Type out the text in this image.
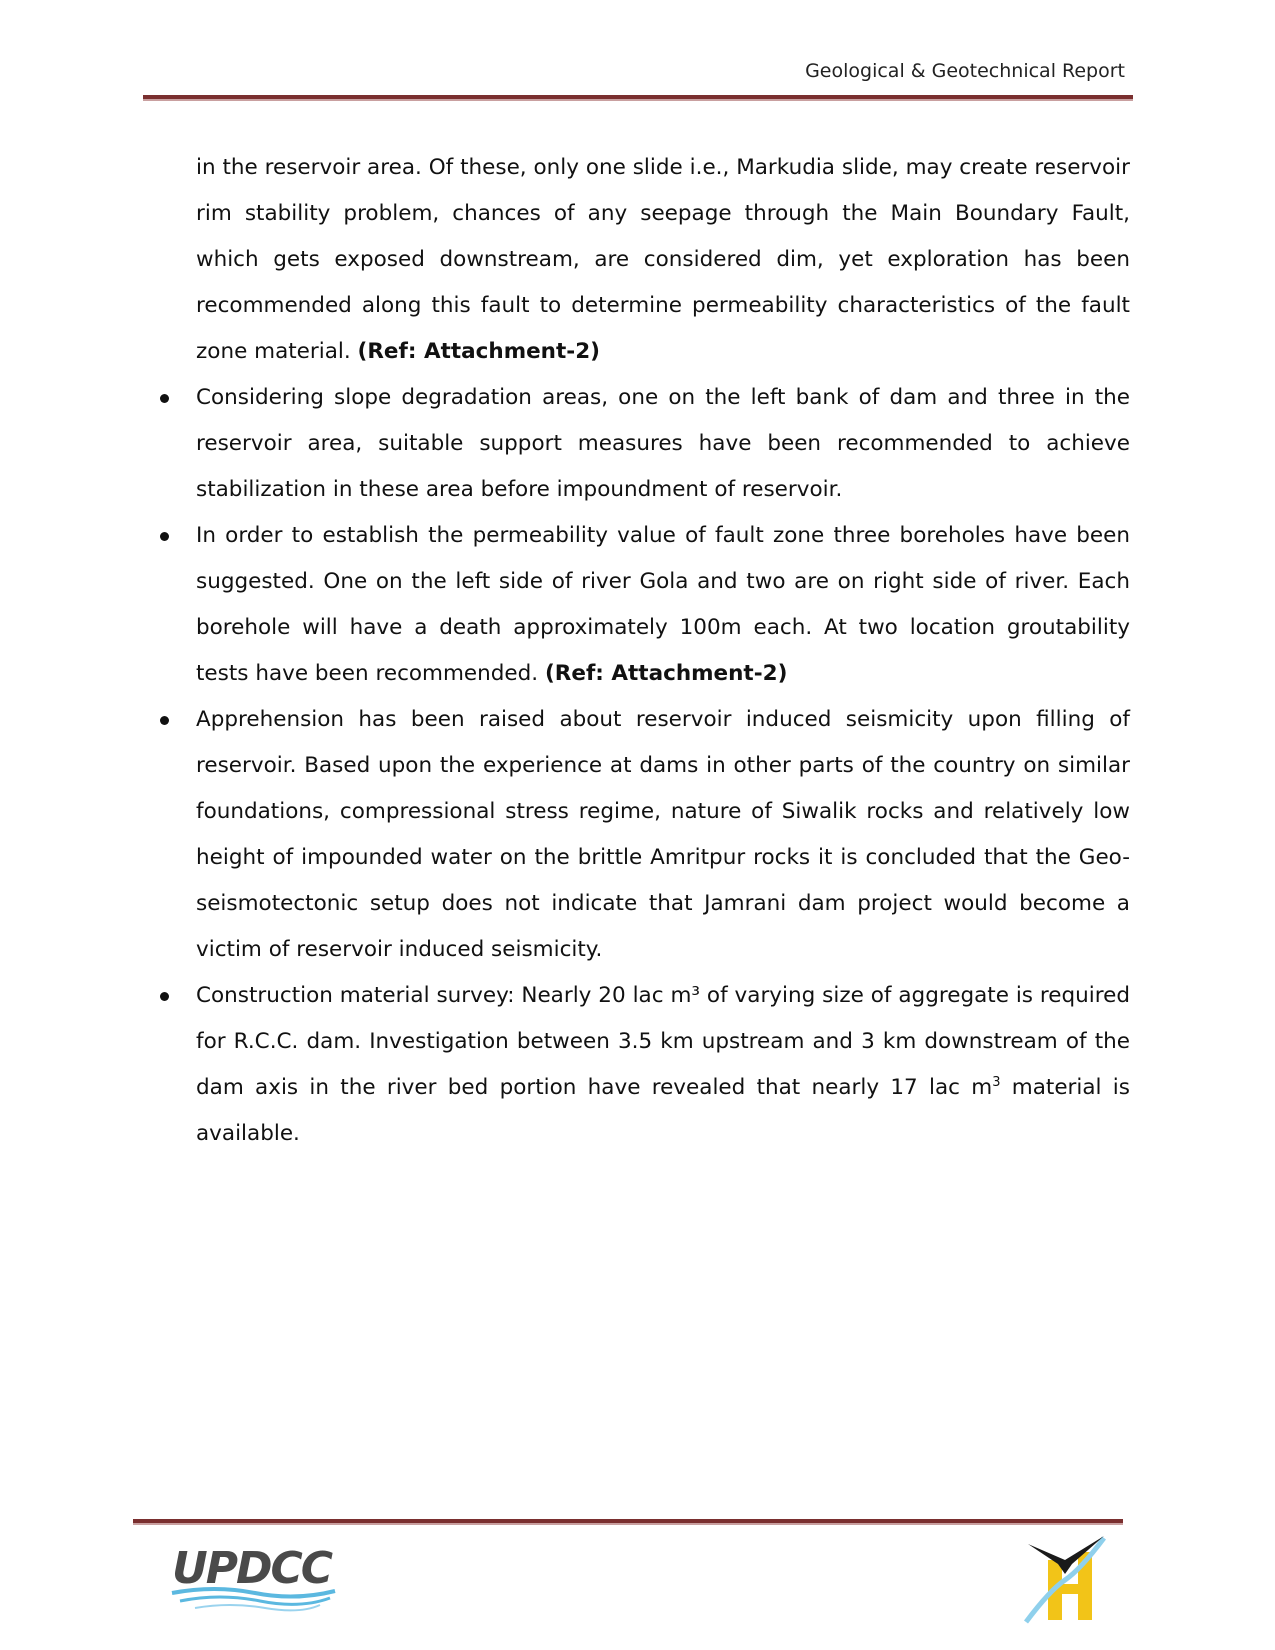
Geological & Geotechnical Report

in the reservoir area. Of these, only one slide i.e., Markudia slide, may create reservoir rim stability problem, chances of any seepage through the Main Boundary Fault, which gets exposed downstream, are considered dim, yet exploration has been recommended along this fault to determine permeability characteristics of the fault zone material. (Ref: Attachment-2)

Considering slope degradation areas, one on the left bank of dam and three in the reservoir area, suitable support measures have been recommended to achieve stabilization in these area before impoundment of reservoir.
In order to establish the permeability value of fault zone three boreholes have been suggested. One on the left side of river Gola and two are on right side of river. Each borehole will have a death approximately 100m each. At two location groutability tests have been recommended. (Ref: Attachment-2)
Apprehension has been raised about reservoir induced seismicity upon filling of reservoir. Based upon the experience at dams in other parts of the country on similar foundations, compressional stress regime, nature of Siwalik rocks and relatively low height of impounded water on the brittle Amritpur rocks it is concluded that the Geo-seismotectonic setup does not indicate that Jamrani dam project would become a victim of reservoir induced seismicity.
Construction material survey: Nearly 20 lac m³ of varying size of aggregate is required for R.C.C. dam. Investigation between 3.5 km upstream and 3 km downstream of the dam axis in the river bed portion have revealed that nearly 17 lac $m^3$ material is available.
UPDCC
